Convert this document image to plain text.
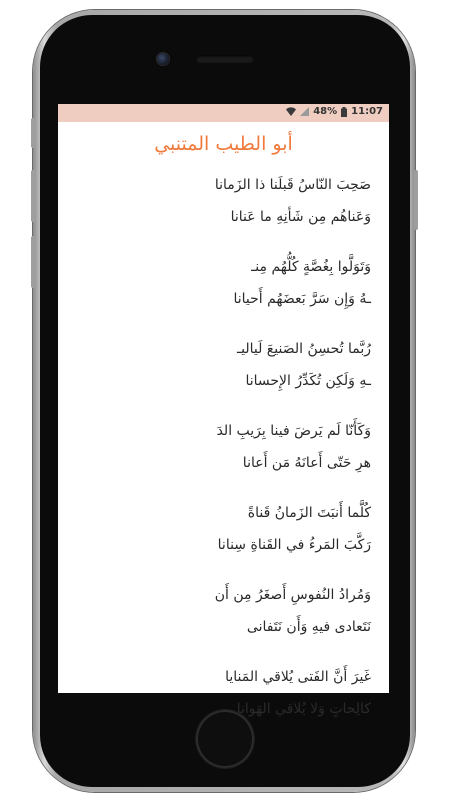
48% 11:07
أبو الطيب المتنبي
صَحِبَ النّاسُ قَبلَنا ذا الزَمانا
وَعَناهُم مِن شَأنِهِ ما عَنانا
وَتَوَلَّوا بِغُصَّةٍ كُلُّهُم مِنـ
ـهُ وَإِن سَرَّ بَعضَهُم أَحيانا
رُبَّما تُحسِنُ الصَنيعَ لَياليـ
ـهِ وَلَكِن تُكَدِّرُ الإِحسانا
وَكَأَنّا لَم يَرضَ فينا بِرَيبِ الدَ
هرِ حَتّى أَعانَهُ مَن أَعانا
كُلَّما أَنبَتَ الزَمانُ قَناةً
رَكَّبَ المَرءُ في القَناةِ سِنانا
وَمُرادُ النُفوسِ أَصغَرُ مِن أَن
نَتَعادى فيهِ وَأَن نَتَفانى
غَيرَ أَنَّ الفَتى يُلاقي المَنايا
كالِحاتٍ وَلا يُلاقي الهَوانا
